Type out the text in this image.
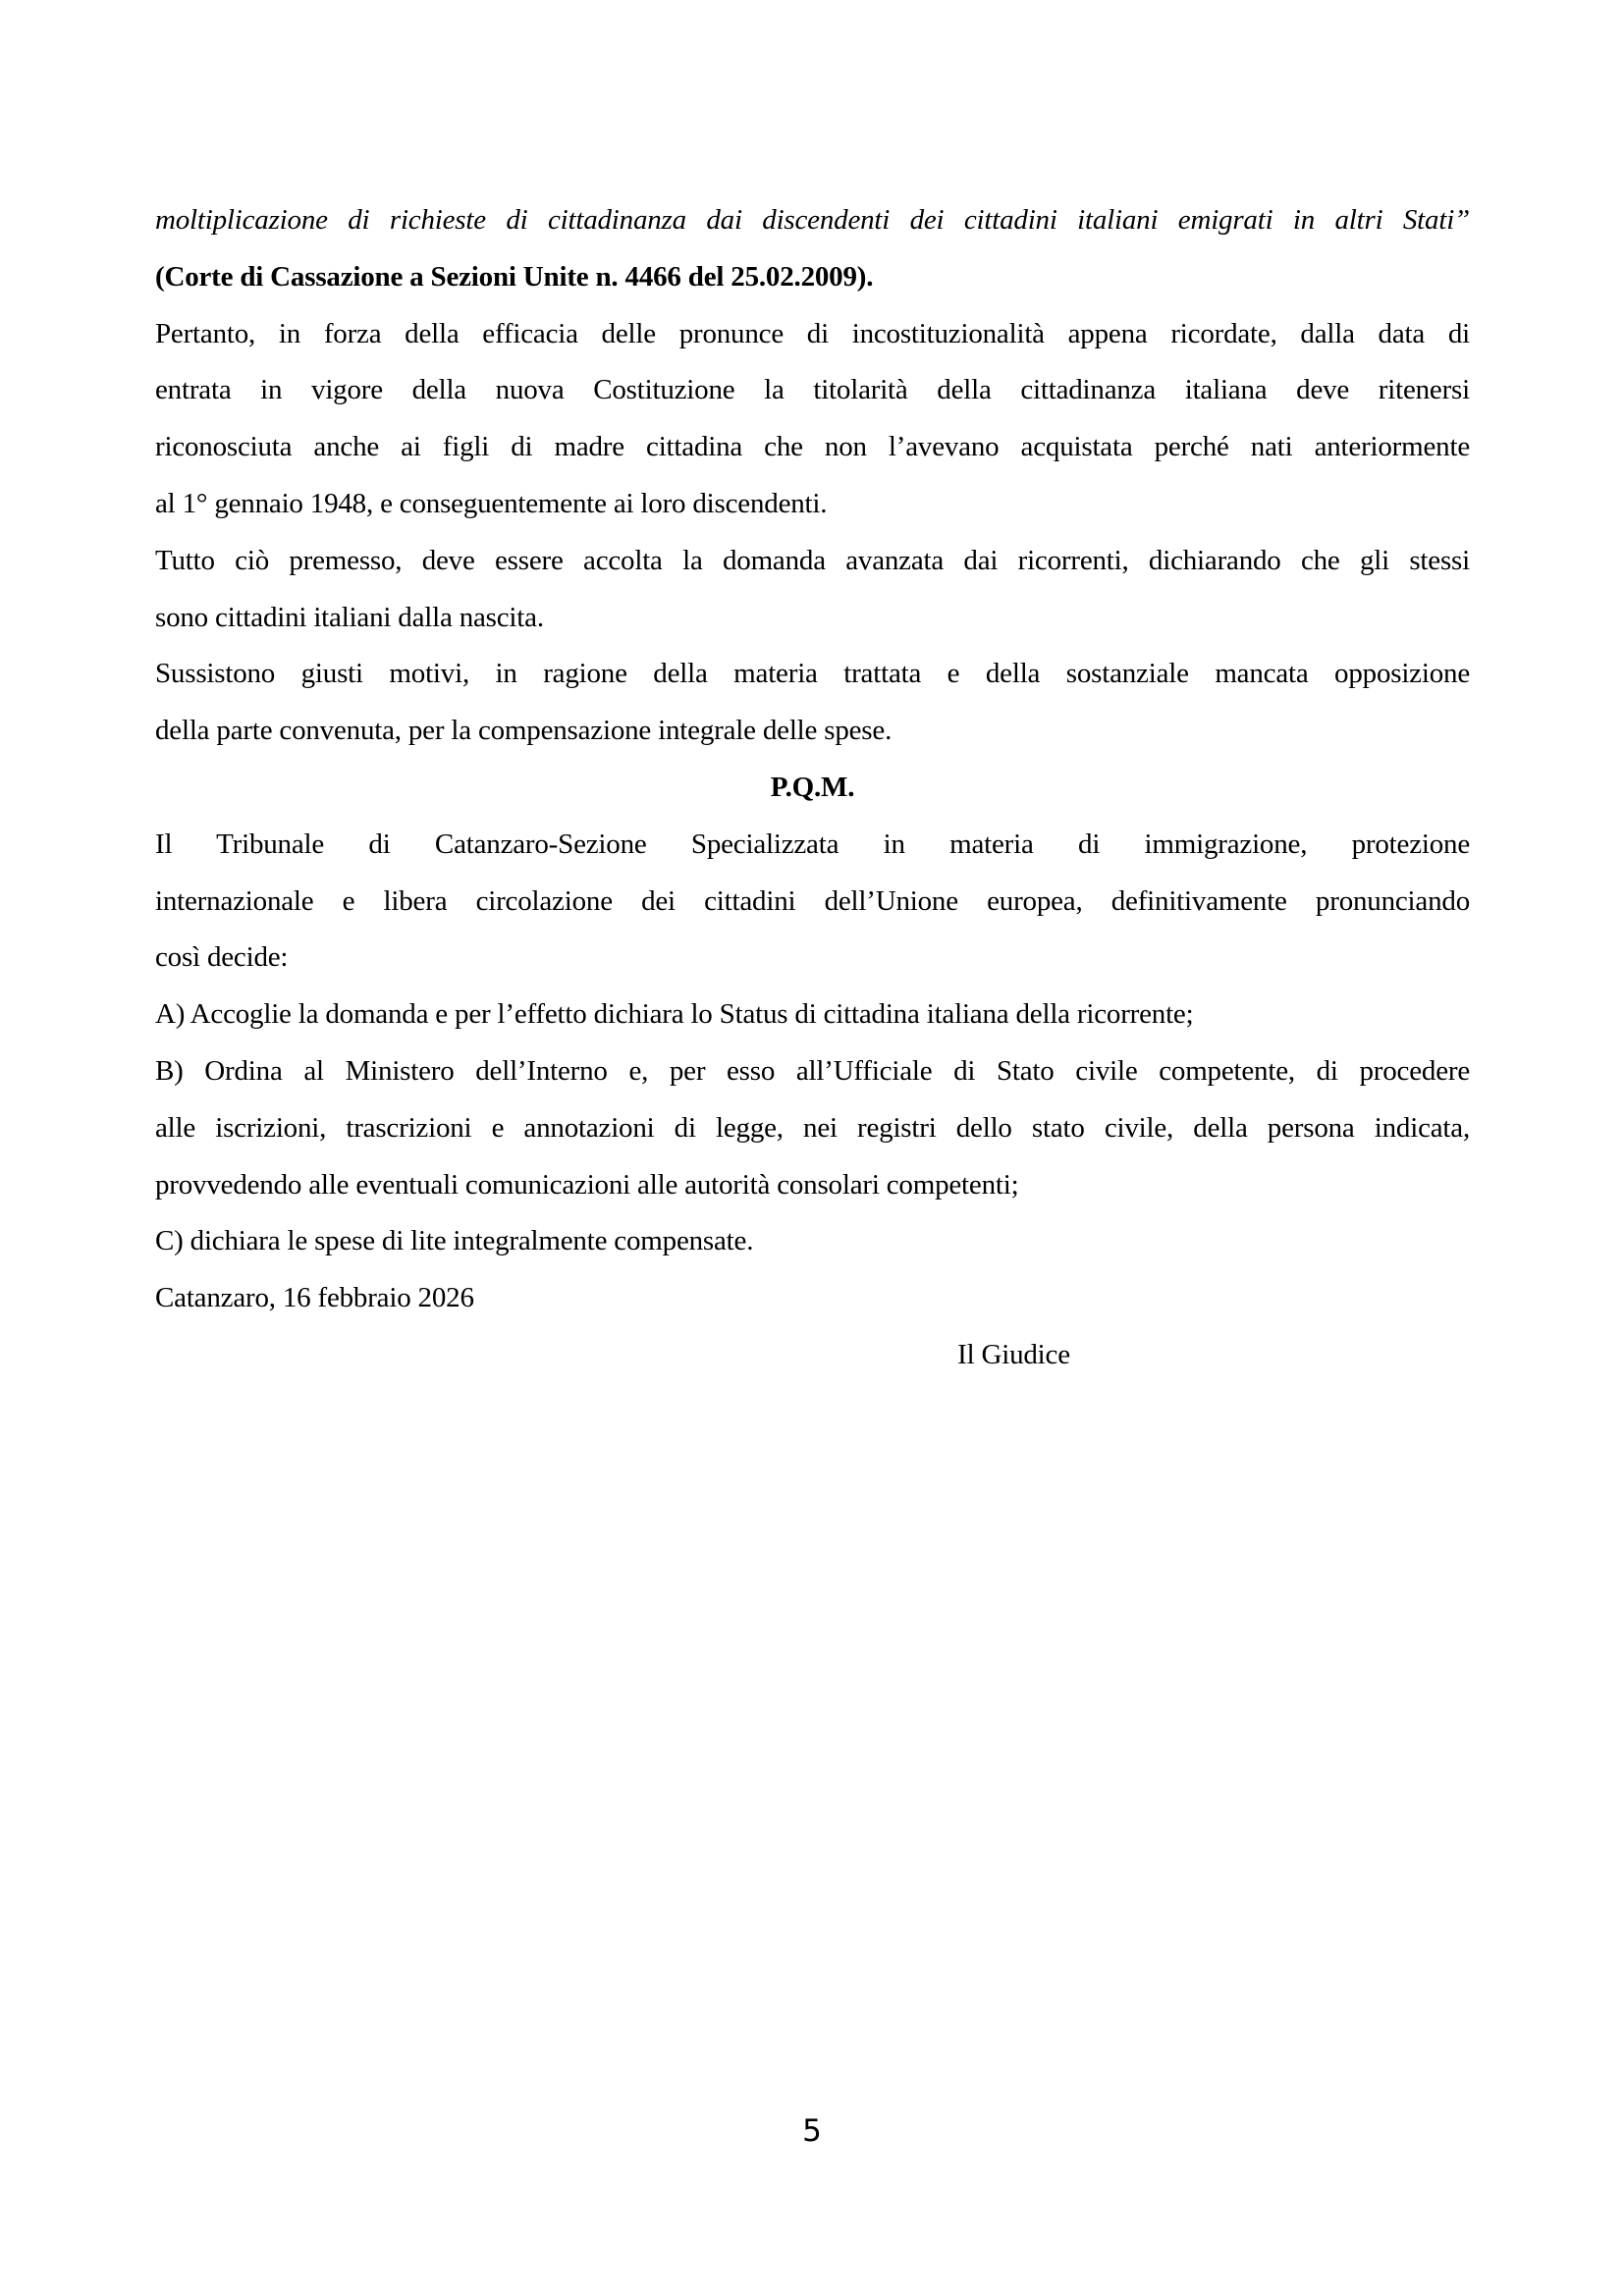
moltiplicazione di richieste di cittadinanza dai discendenti dei cittadini italiani emigrati in altri Stati”
(Corte di Cassazione a Sezioni Unite n. 4466 del 25.02.2009).
Pertanto, in forza della efficacia delle pronunce di incostituzionalità appena ricordate, dalla data di
entrata in vigore della nuova Costituzione la titolarità della cittadinanza italiana deve ritenersi
riconosciuta anche ai figli di madre cittadina che non l’avevano acquistata perché nati anteriormente
al 1° gennaio 1948, e conseguentemente ai loro discendenti.
Tutto ciò premesso, deve essere accolta la domanda avanzata dai ricorrenti, dichiarando che gli stessi
sono cittadini italiani dalla nascita.
Sussistono giusti motivi, in ragione della materia trattata e della sostanziale mancata opposizione
della parte convenuta, per la compensazione integrale delle spese.
P.Q.M.
Il Tribunale di Catanzaro-Sezione Specializzata in materia di immigrazione, protezione
internazionale e libera circolazione dei cittadini dell’Unione europea, definitivamente pronunciando
così decide:
A) Accoglie la domanda e per l’effetto dichiara lo Status di cittadina italiana della ricorrente;
B) Ordina al Ministero dell’Interno e, per esso all’Ufficiale di Stato civile competente, di procedere
alle iscrizioni, trascrizioni e annotazioni di legge, nei registri dello stato civile, della persona indicata,
provvedendo alle eventuali comunicazioni alle autorità consolari competenti;
C) dichiara le spese di lite integralmente compensate.
Catanzaro, 16 febbraio 2026
Il Giudice
5
